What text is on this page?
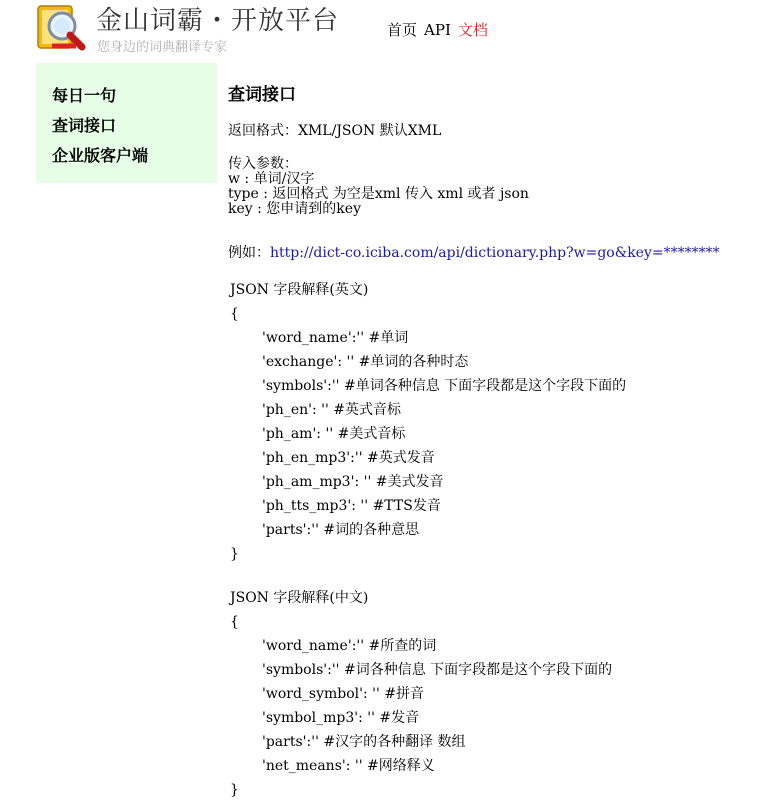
金山词霸・开放平台
您身边的词典翻译专家
首页 API 文档
每日一句
查词接口
企业版客户端
查词接口
返回格式：XML/JSON 默认XML
传入参数：
w : 单词/汉字
type : 返回格式 为空是xml 传入 xml 或者 json
key : 您申请到的key
例如：http://dict-co.iciba.com/api/dictionary.php?w=go&key=********
JSON 字段解释(英文)
{
'word_name':'' #单词
'exchange': '' #单词的各种时态
'symbols':'' #单词各种信息 下面字段都是这个字段下面的
'ph_en': '' #英式音标
'ph_am': '' #美式音标
'ph_en_mp3':'' #英式发音
'ph_am_mp3': '' #美式发音
'ph_tts_mp3': '' #TTS发音
'parts':'' #词的各种意思
}
JSON 字段解释(中文)
{
'word_name':'' #所查的词
'symbols':'' #词各种信息 下面字段都是这个字段下面的
'word_symbol': '' #拼音
'symbol_mp3': '' #发音
'parts':'' #汉字的各种翻译 数组
'net_means': '' #网络释义
}
